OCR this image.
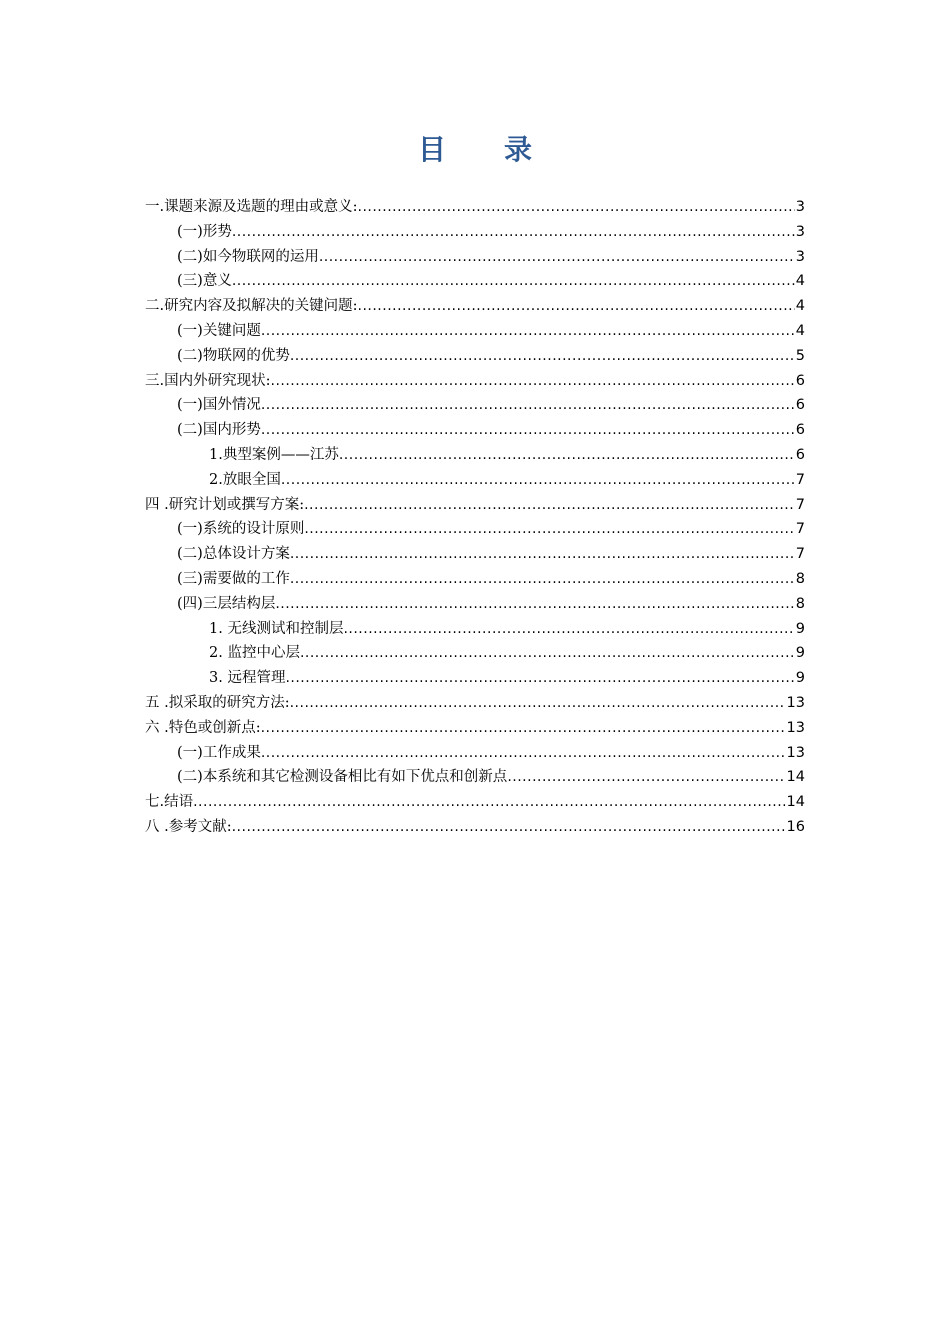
目录
一.课题来源及选题的理由或意义: .....	3
(一)形势 .....	3
(二)如今物联网的运用 .....	3
(三)意义 .....	4
二.研究内容及拟解决的关键问题: .....	4
(一)关键问题 .....	4
(二)物联网的优势 .....	5
三.国内外研究现状: .....	6
(一)国外情况 .....	6
(二)国内形势 .....	6
1.典型案例——江苏 .....	6
2.放眼全国 .....	7
四 .研究计划或撰写方案: .....	7
(一)系统的设计原则 .....	7
(二)总体设计方案 .....	7
(三)需要做的工作 .....	8
(四)三层结构层 .....	8
1. 无线测试和控制层 .....	9
2. 监控中心层 .....	9
3. 远程管理 .....	9
五 .拟采取的研究方法: .....	13
六 .特色或创新点: .....	13
(一)工作成果 .....	13
(二)本系统和其它检测设备相比有如下优点和创新点 .....	14
七.结语 .....	14
八 .参考文献: .....	16
